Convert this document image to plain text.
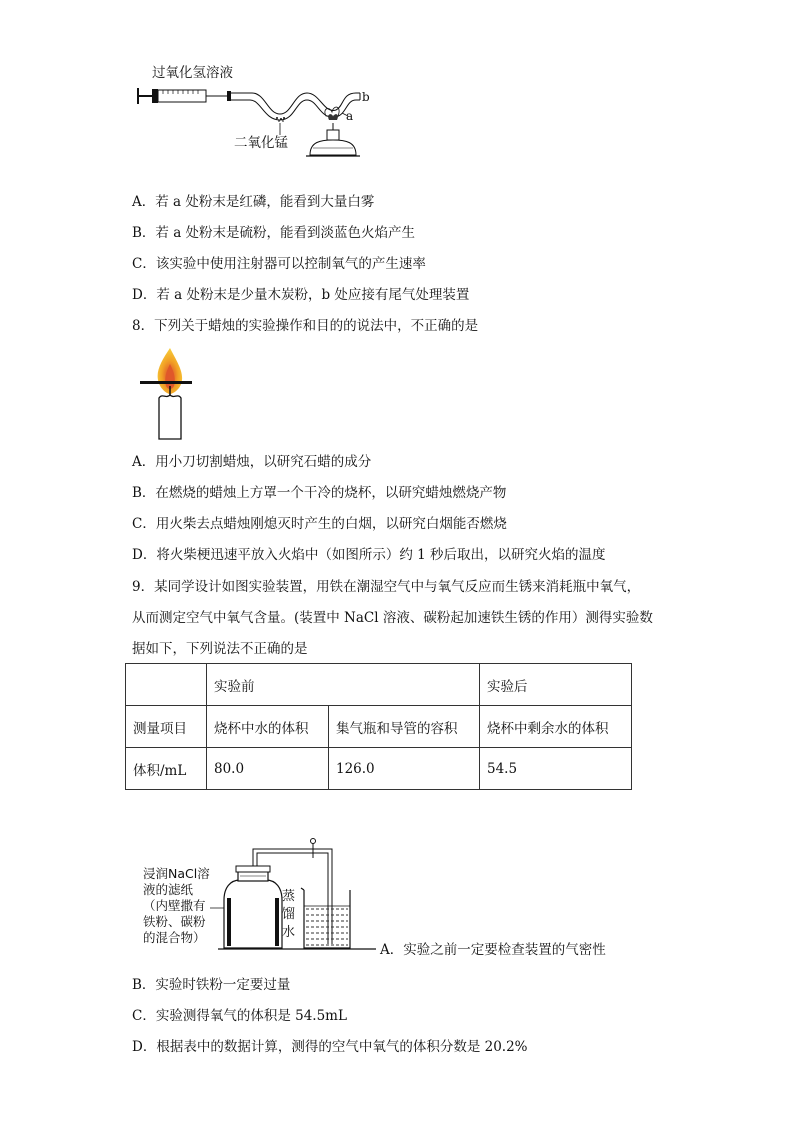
过氧化氢溶液
二氧化锰
a
b
A．若 a 处粉末是红磷，能看到大量白雾
B．若 a 处粉末是硫粉，能看到淡蓝色火焰产生
C．该实验中使用注射器可以控制氧气的产生速率
D．若 a 处粉末是少量木炭粉，b 处应接有尾气处理装置
8．下列关于蜡烛的实验操作和目的的说法中，不正确的是
A．用小刀切割蜡烛，以研究石蜡的成分
B．在燃烧的蜡烛上方罩一个干冷的烧杯，以研究蜡烛燃烧产物
C．用火柴去点蜡烛刚熄灭时产生的白烟，以研究白烟能否燃烧
D．将火柴梗迅速平放入火焰中（如图所示）约 1 秒后取出，以研究火焰的温度
9．某同学设计如图实验装置，用铁在潮湿空气中与氧气反应而生锈来消耗瓶中氧气，
从而测定空气中氧气含量。(装置中 NaCl 溶液、碳粉起加速铁生锈的作用）测得实验数
据如下，下列说法不正确的是
	实验前		实验后
测量项目	烧杯中水的体积	集气瓶和导管的容积	烧杯中剩余水的体积
体积/mL	80.0	126.0	54.5
浸润NaCl溶
液的滤纸
（内壁撒有
铁粉、碳粉
的混合物）
蒸
馏
水
A．实验之前一定要检查装置的气密性
B．实验时铁粉一定要过量
C．实验测得氧气的体积是 54.5mL
D．根据表中的数据计算，测得的空气中氧气的体积分数是 20.2%
